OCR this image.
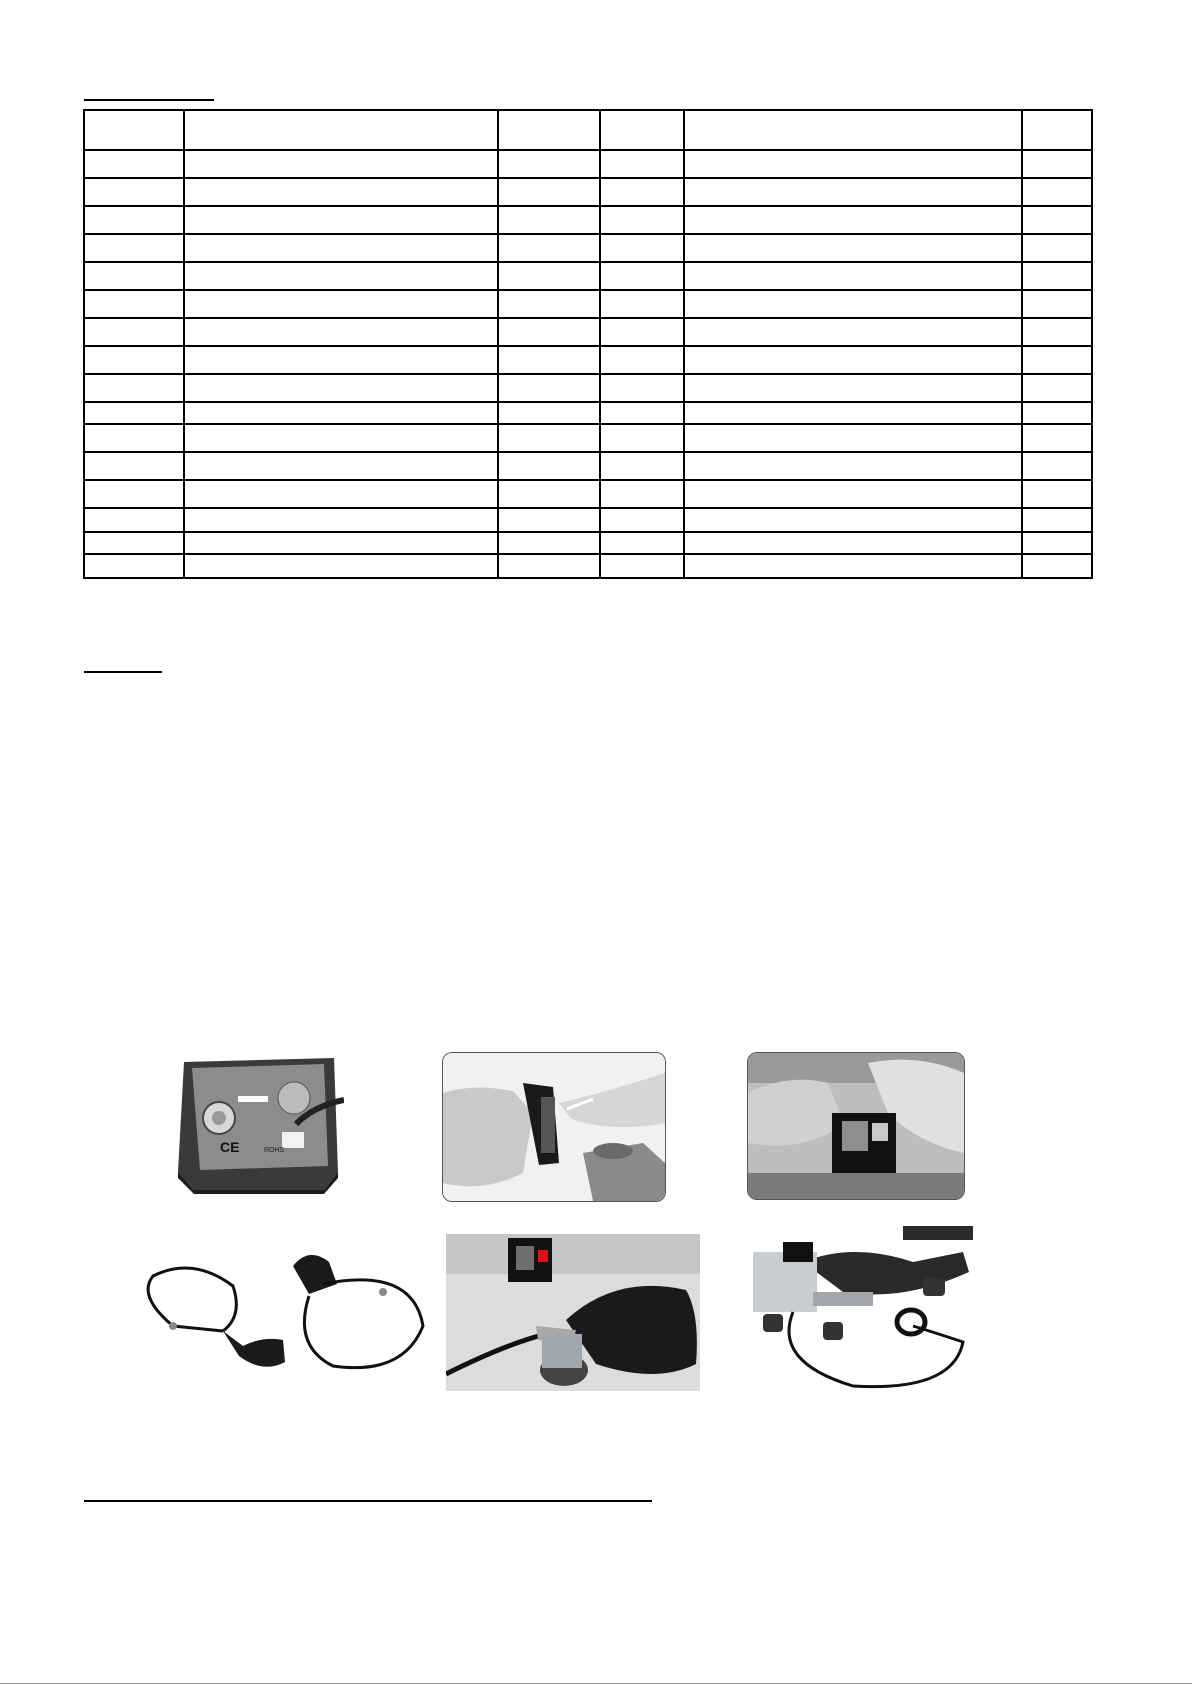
CE	ROHS
